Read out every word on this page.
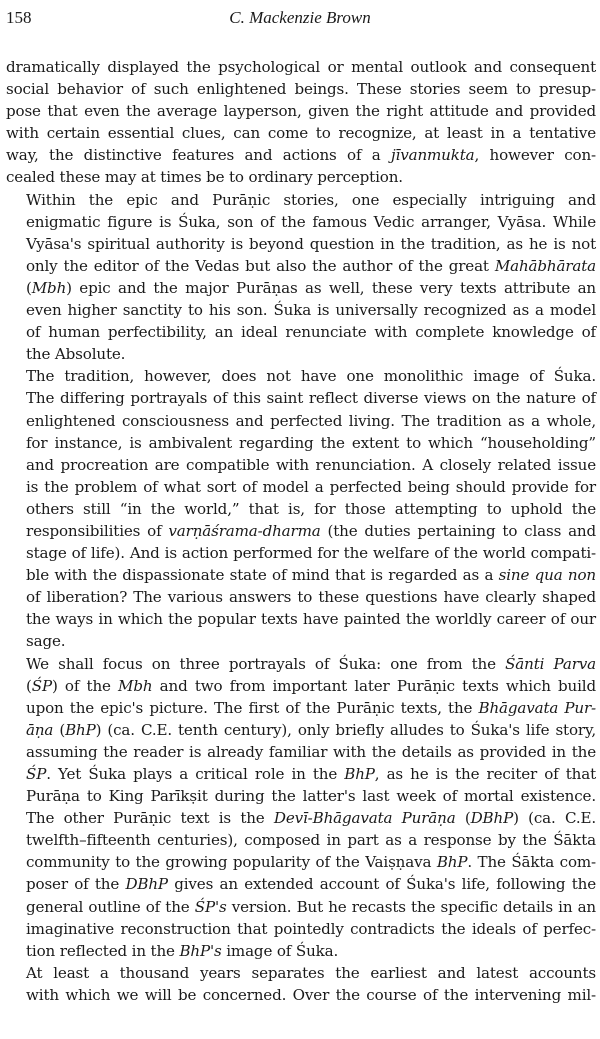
158	C. Mackenzie Brown
dramatically displayed the psychological or mental outlook and consequent
social behavior of such enlightened beings. These stories seem to presup-
pose that even the average layperson, given the right attitude and provided
with certain essential clues, can come to recognize, at least in a tentative
way, the distinctive features and actions of a jīvanmukta, however con-
cealed these may at times be to ordinary perception.
Within the epic and Purāṇic stories, one especially intriguing and
enigmatic figure is Śuka, son of the famous Vedic arranger, Vyāsa. While
Vyāsa's spiritual authority is beyond question in the tradition, as he is not
only the editor of the Vedas but also the author of the great Mahābhārata
(Mbh) epic and the major Purāṇas as well, these very texts attribute an
even higher sanctity to his son. Śuka is universally recognized as a model
of human perfectibility, an ideal renunciate with complete knowledge of
the Absolute.
The tradition, however, does not have one monolithic image of Śuka.
The differing portrayals of this saint reflect diverse views on the nature of
enlightened consciousness and perfected living. The tradition as a whole,
for instance, is ambivalent regarding the extent to which “householding”
and procreation are compatible with renunciation. A closely related issue
is the problem of what sort of model a perfected being should provide for
others still “in the world,” that is, for those attempting to uphold the
responsibilities of varṇāśrama-dharma (the duties pertaining to class and
stage of life). And is action performed for the welfare of the world compati-
ble with the dispassionate state of mind that is regarded as a sine qua non
of liberation? The various answers to these questions have clearly shaped
the ways in which the popular texts have painted the worldly career of our
sage.
We shall focus on three portrayals of Śuka: one from the Śānti Parva
(ŚP) of the Mbh and two from important later Purāṇic texts which build
upon the epic's picture. The first of the Purāṇic texts, the Bhāgavata Pur-
āṇa (BhP) (ca. C.E. tenth century), only briefly alludes to Śuka's life story,
assuming the reader is already familiar with the details as provided in the
ŚP. Yet Śuka plays a critical role in the BhP, as he is the reciter of that
Purāṇa to King Parīkṣit during the latter's last week of mortal existence.
The other Purāṇic text is the Devī-Bhāgavata Purāṇa (DBhP) (ca. C.E.
twelfth–fifteenth centuries), composed in part as a response by the Śākta
community to the growing popularity of the Vaiṣṇava BhP. The Śākta com-
poser of the DBhP gives an extended account of Śuka's life, following the
general outline of the ŚP's version. But he recasts the specific details in an
imaginative reconstruction that pointedly contradicts the ideals of perfec-
tion reflected in the BhP's image of Śuka.
At least a thousand years separates the earliest and latest accounts
with which we will be concerned. Over the course of the intervening mil-
